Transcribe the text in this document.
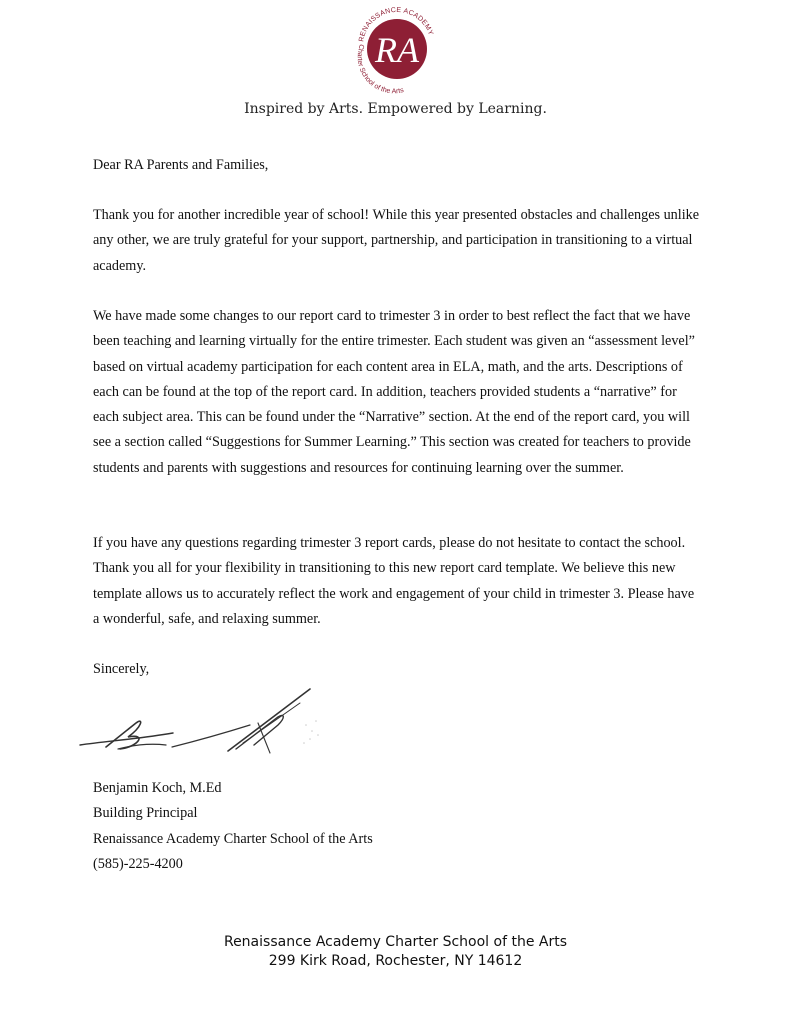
RENAISSANCE ACADEMY
Charter School of the Arts
RA
Inspired by Arts. Empowered by Learning.

Dear RA Parents and Families,

Thank you for another incredible year of school! While this year presented obstacles and challenges unlike any other, we are truly grateful for your support, partnership, and participation in transitioning to a virtual academy.

We have made some changes to our report card to trimester 3 in order to best reflect the fact that we have been teaching and learning virtually for the entire trimester. Each student was given an “assessment level” based on virtual academy participation for each content area in ELA, math, and the arts. Descriptions of each can be found at the top of the report card. In addition, teachers provided students a “narrative” for each subject area. This can be found under the “Narrative” section. At the end of the report card, you will see a section called “Suggestions for Summer Learning.” This section was created for teachers to provide students and parents with suggestions and resources for continuing learning over the summer.

If you have any questions regarding trimester 3 report cards, please do not hesitate to contact the school. Thank you all for your flexibility in transitioning to this new report card template. We believe this new template allows us to accurately reflect the work and engagement of your child in trimester 3. Please have a wonderful, safe, and relaxing summer.

Sincerely,

Benjamin Koch, M.Ed
Building Principal
Renaissance Academy Charter School of the Arts
(585)-225-4200
Renaissance Academy Charter School of the Arts
299 Kirk Road, Rochester, NY 14612
